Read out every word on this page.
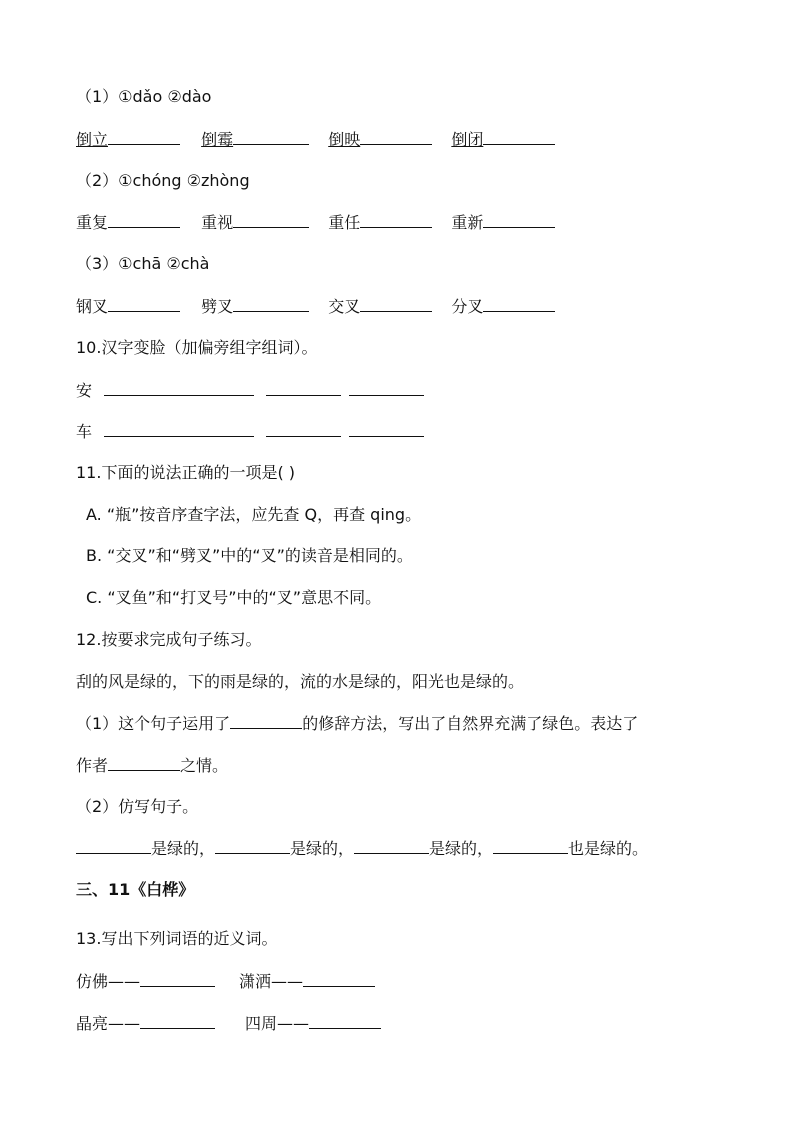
（1）①dǎo ②dào
倒立	倒霉	倒映	倒闭
（2）①chóng ②zhòng
重复	重视	重任	重新
（3）①chā ②chà
钢叉	劈叉	交叉	分叉
10.汉字变脸（加偏旁组字组词）。
安
车
11.下面的说法正确的一项是( )
A. “瓶”按音序查字法，应先查 Q，再查 qing。
B. “交叉”和“劈叉”中的“叉”的读音是相同的。
C. “叉鱼”和“打叉号”中的“叉”意思不同。
12.按要求完成句子练习。
刮的风是绿的，下的雨是绿的，流的水是绿的，阳光也是绿的。
（1）这个句子运用了	的修辞方法，写出了自然界充满了绿色。表达了
作者	之情。
（2）仿写句子。
是绿的，	是绿的，	是绿的，	也是绿的。
三、11《白桦》
13.写出下列词语的近义词。
仿佛——	潇洒——
晶亮——	四周——
